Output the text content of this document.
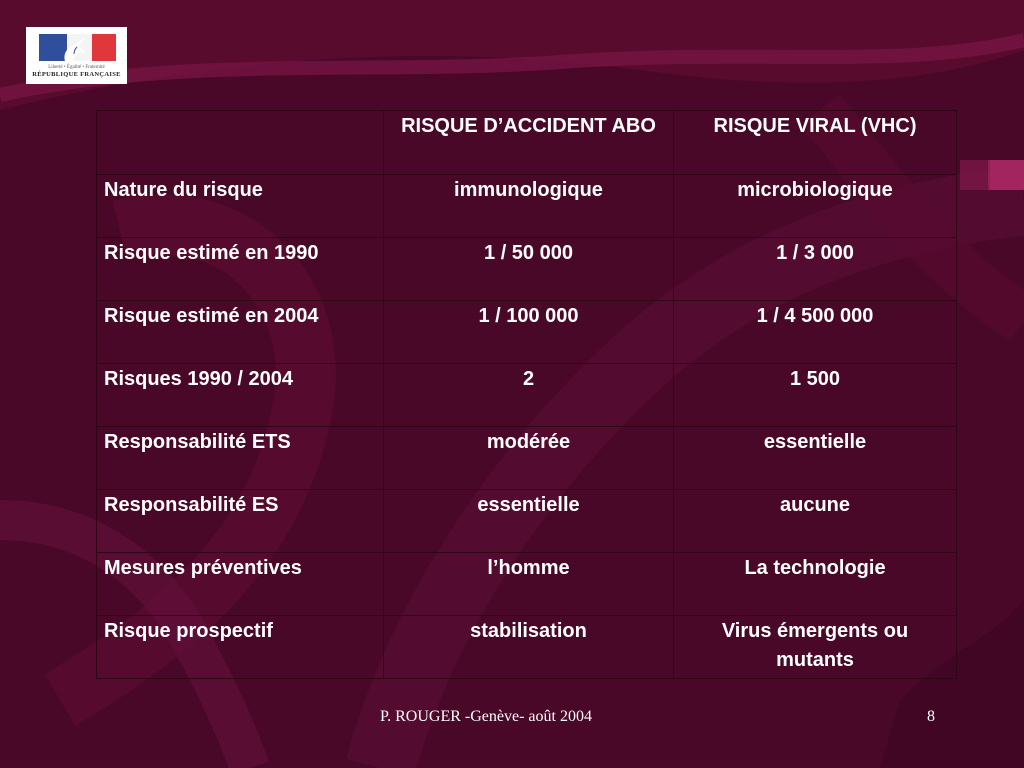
Liberté • Égalité • Fraternité
RÉPUBLIQUE FRANÇAISE
	RISQUE D’ACCIDENT ABO	RISQUE VIRAL (VHC)
Nature du risque	immunologique	microbiologique
Risque estimé en 1990	1 / 50 000	1 / 3 000
Risque estimé en 2004	1 / 100 000	1 / 4 500 000
Risques 1990 / 2004	2	1 500
Responsabilité ETS	modérée	essentielle
Responsabilité ES	essentielle	aucune
Mesures préventives	l’homme	La technologie
Risque prospectif	stabilisation	Virus émergents ou mutants
P. ROUGER -Genève- août 2004	8
